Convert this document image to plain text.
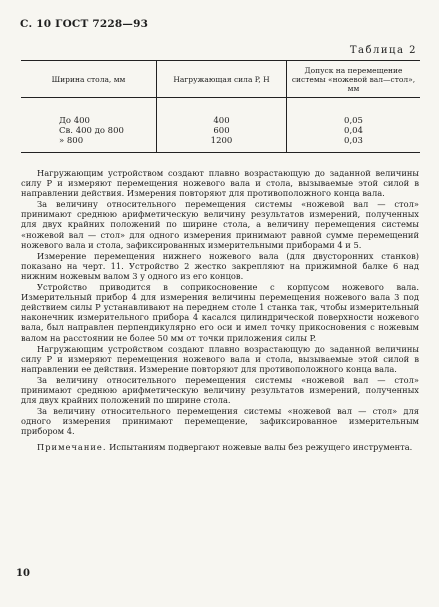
С. 10 ГОСТ 7228—93
Таблица 2
Ширина стола, мм	Нагружающая сила P, Н	Допуск на перемещение системы «ножевой вал—стол», мм
До 400	400	0,05
Св. 400 до 800	600	0,04
» 800	1200	0,03

Нагружающим устройством создают плавно возрастающую до заданной величины силу P и измеряют перемещения ножевого вала и стола, вызываемые этой силой в направлении действия. Измерения повторяют для противоположного конца вала.

За величину относительного перемещения системы «ножевой вал — стол» принимают среднюю арифметическую величину результатов измерений, полученных для двух крайних положений по ширине стола, а величину перемещения системы «ножевой вал — стол» для одного измерения принимают равной сумме перемещений ножевого вала и стола, зафиксированных измерительными приборами 4 и 5.

Измерение перемещения нижнего ножевого вала (для двусторонних станков) показано на черт. 11. Устройство 2 жестко закрепляют на прижимной балке 6 над нижним ножевым валом 3 у одного из его концов.

Устройство приводится в соприкосновение с корпусом ножевого вала. Измерительный прибор 4 для измерения величины перемещения ножевого вала 3 под действием силы P устанавливают на переднем столе 1 станка так, чтобы измерительный наконечник измерительного прибора 4 касался цилиндрической поверхности ножевого вала, был направлен перпендикулярно его оси и имел точку прикосновения с ножевым валом на расстоянии не более 50 мм от точки приложения силы P.

Нагружающим устройством создают плавно возрастающую до заданной величины силу P и измеряют перемещения ножевого вала и стола, вызываемые этой силой в направлении ее действия. Измерение повторяют для противоположного конца вала.

За величину относительного перемещения системы «ножевой вал — стол» принимают среднюю арифметическую величину результатов измерений, полученных для двух крайних положений по ширине стола.

За величину относительного перемещения системы «ножевой вал — стол» для одного измерения принимают перемещение, зафиксированное измерительным прибором 4.

Примечание. Испытаниям подвергают ножевые валы без режущего инструмента.

10
